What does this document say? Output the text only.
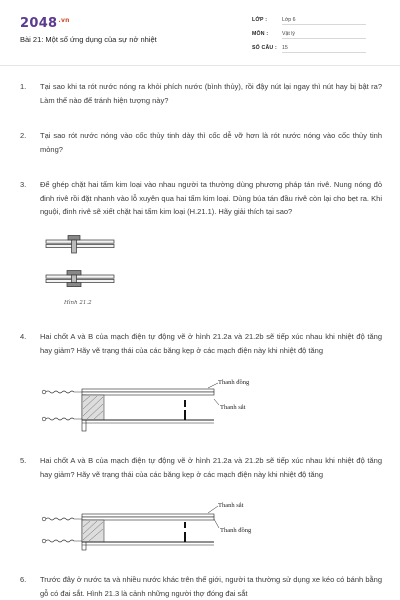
$2048^{.vn}$
Bài 21: Một số ứng dụng của sự nở nhiệt
LỚP :	Lớp 6
MÔN :	Vật lý
SỐ CÂU : 15
1. Tại sao khi ta rót nước nóng ra khỏi phích nước (bình thủy), rồi đậy nút lại ngay thì nút hay bị bật ra? Làm thế nào để tránh hiện tượng này?
2. Tại sao rót nước nóng vào cốc thủy tinh dày thì cốc dễ vỡ hơn là rót nước nóng vào cốc thủy tinh mỏng?
3. Để ghép chặt hai tấm kim loại vào nhau người ta thường dùng phương pháp tán rivê. Nung nóng đỏ đinh rivê rồi đặt nhanh vào lỗ xuyên qua hai tấm kim loại. Dùng búa tán đầu rivê còn lại cho bẹt ra. Khi nguội, đinh rivê sẽ xiết chặt hai tấm kim loại (H.21.1). Hãy giải thích tại sao?
Hình 21.2
4. Hai chốt A và B của mạch điện tự động vẽ ở hình 21.2a và 21.2b sẽ tiếp xúc nhau khi nhiệt độ tăng hay giảm? Hãy vẽ trạng thái của các băng kẹp ở các mạch điện này khi nhiệt độ tăng
Thanh đồng
Thanh sắt
5. Hai chốt A và B của mạch điện tự động vẽ ở hình 21.2a và 21.2b sẽ tiếp xúc nhau khi nhiệt độ tăng hay giảm? Hãy vẽ trạng thái của các băng kẹp ở các mạch điện này khi nhiệt độ tăng
Thanh sắt
Thanh đồng
6. Trước đây ở nước ta và nhiều nước khác trên thế giới, người ta thường sử dụng xe kéo có bánh bằng gỗ có đai sắt. Hình 21.3 là cảnh những người thợ đóng đai sắt
